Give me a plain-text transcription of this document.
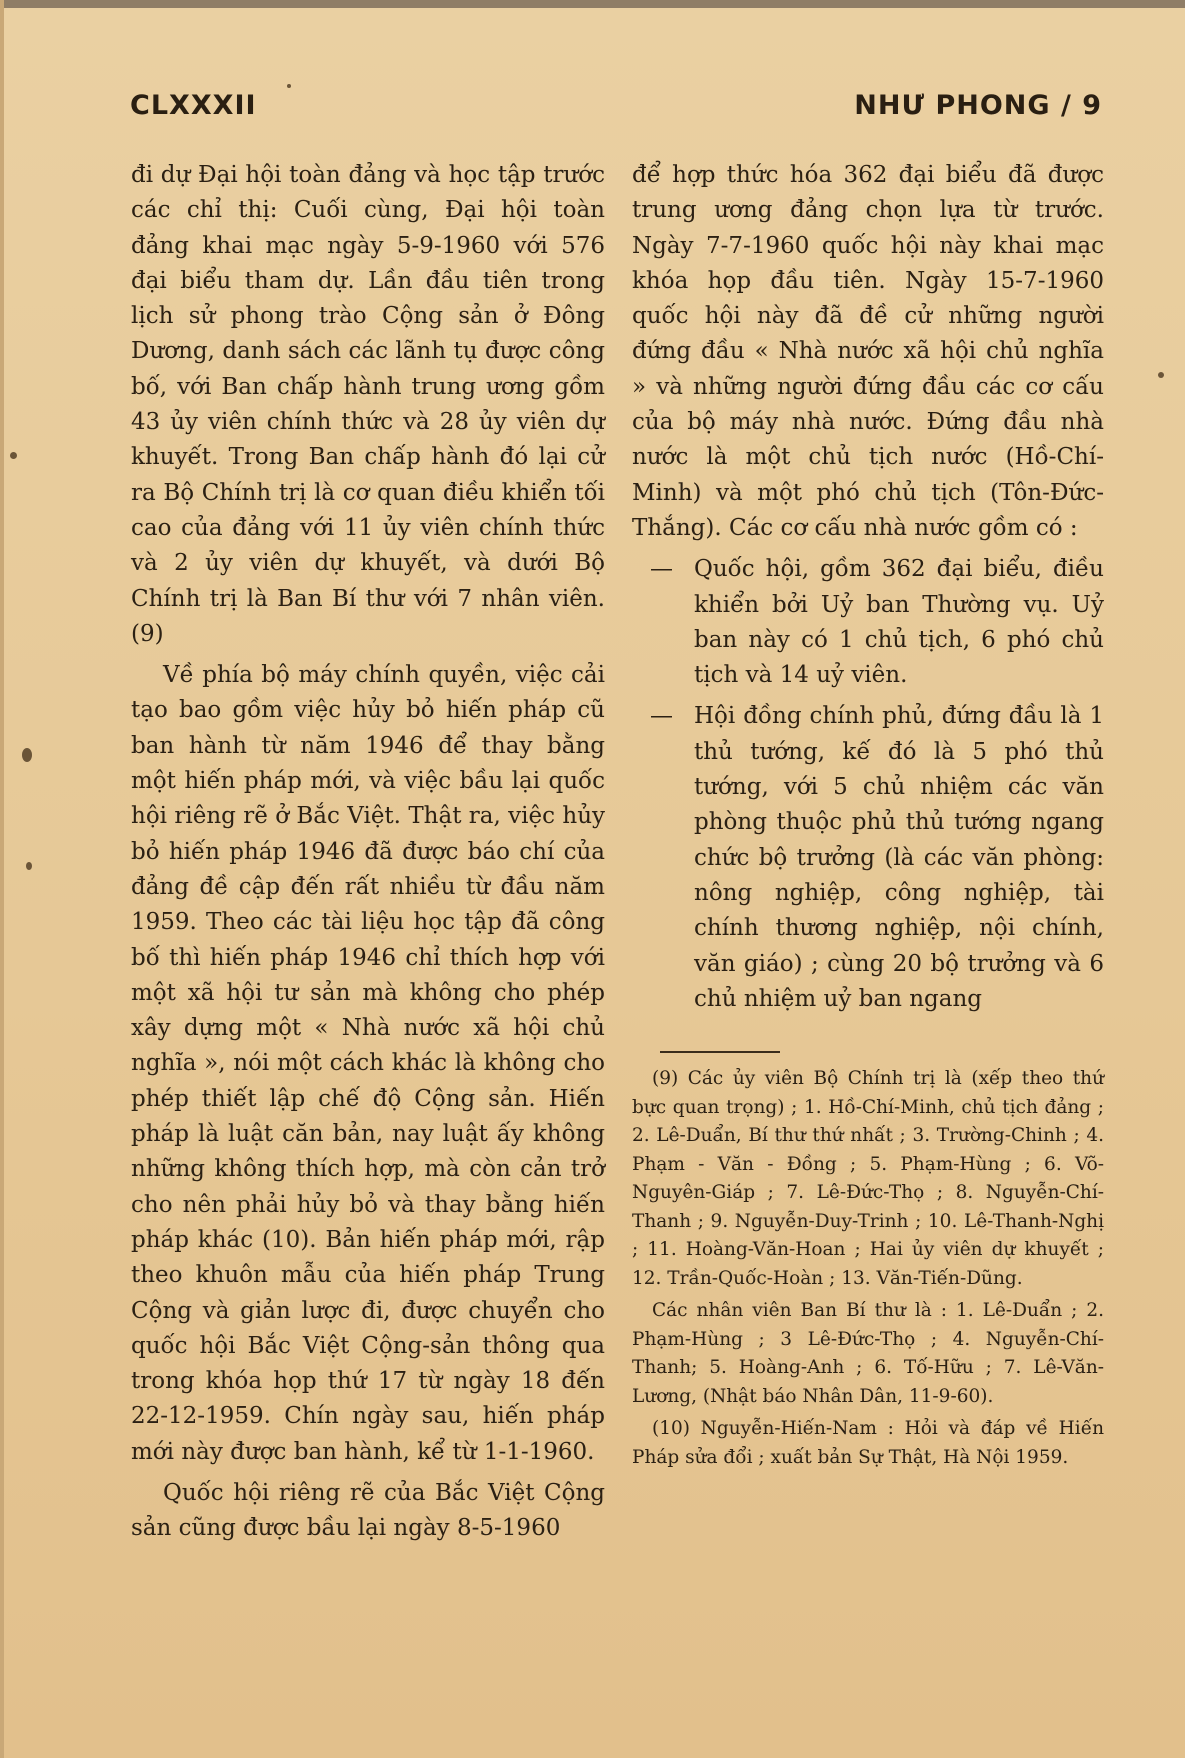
CLXXXII	NHƯ PHONG / 9

đi dự Đại hội toàn đảng và học tập trước các chỉ thị: Cuối cùng, Đại hội toàn đảng khai mạc ngày 5-9-1960 với 576 đại biểu tham dự. Lần đầu tiên trong lịch sử phong trào Cộng sản ở Đông Dương, danh sách các lãnh tụ được công bố, với Ban chấp hành trung ương gồm 43 ủy viên chính thức và 28 ủy viên dự khuyết. Trong Ban chấp hành đó lại cử ra Bộ Chính trị là cơ quan điều khiển tối cao của đảng với 11 ủy viên chính thức và 2 ủy viên dự khuyết, và dưới Bộ Chính trị là Ban Bí thư với 7 nhân viên. (9)

Về phía bộ máy chính quyền, việc cải tạo bao gồm việc hủy bỏ hiến pháp cũ ban hành từ năm 1946 để thay bằng một hiến pháp mới, và việc bầu lại quốc hội riêng rẽ ở Bắc Việt. Thật ra, việc hủy bỏ hiến pháp 1946 đã được báo chí của đảng đề cập đến rất nhiều từ đầu năm 1959. Theo các tài liệu học tập đã công bố thì hiến pháp 1946 chỉ thích hợp với một xã hội tư sản mà không cho phép xây dựng một « Nhà nước xã hội chủ nghĩa », nói một cách khác là không cho phép thiết lập chế độ Cộng sản. Hiến pháp là luật căn bản, nay luật ấy không những không thích hợp, mà còn cản trở cho nên phải hủy bỏ và thay bằng hiến pháp khác (10). Bản hiến pháp mới, rập theo khuôn mẫu của hiến pháp Trung Cộng và giản lược đi, được chuyển cho quốc hội Bắc Việt Cộng-sản thông qua trong khóa họp thứ 17 từ ngày 18 đến 22-12-1959. Chín ngày sau, hiến pháp mới này được ban hành, kể từ 1-1-1960.

Quốc hội riêng rẽ của Bắc Việt Cộng sản cũng được bầu lại ngày 8-5-1960

để hợp thức hóa 362 đại biểu đã được trung ương đảng chọn lựa từ trước. Ngày 7-7-1960 quốc hội này khai mạc khóa họp đầu tiên. Ngày 15-7-1960 quốc hội này đã đề cử những người đứng đầu « Nhà nước xã hội chủ nghĩa » và những người đứng đầu các cơ cấu của bộ máy nhà nước. Đứng đầu nhà nước là một chủ tịch nước (Hồ-Chí-Minh) và một phó chủ tịch (Tôn-Đức-Thắng). Các cơ cấu nhà nước gồm có :

— Quốc hội, gồm 362 đại biểu, điều khiển bởi Uỷ ban Thường vụ. Uỷ ban này có 1 chủ tịch, 6 phó chủ tịch và 14 uỷ viên.

— Hội đồng chính phủ, đứng đầu là 1 thủ tướng, kế đó là 5 phó thủ tướng, với 5 chủ nhiệm các văn phòng thuộc phủ thủ tướng ngang chức bộ trưởng (là các văn phòng: nông nghiệp, công nghiệp, tài chính thương nghiệp, nội chính, văn giáo) ; cùng 20 bộ trưởng và 6 chủ nhiệm uỷ ban ngang

(9) Các ủy viên Bộ Chính trị là (xếp theo thứ bực quan trọng) ; 1. Hồ-Chí-Minh, chủ tịch đảng ; 2. Lê-Duẩn, Bí thư thứ nhất ; 3. Trường-Chinh ; 4. Phạm - Văn - Đồng ; 5. Phạm-Hùng ; 6. Võ-Nguyên-Giáp ; 7. Lê-Đức-Thọ ; 8. Nguyễn-Chí-Thanh ; 9. Nguyễn-Duy-Trinh ; 10. Lê-Thanh-Nghị ; 11. Hoàng-Văn-Hoan ; Hai ủy viên dự khuyết ; 12. Trần-Quốc-Hoàn ; 13. Văn-Tiến-Dũng.

Các nhân viên Ban Bí thư là : 1. Lê-Duẩn ; 2. Phạm-Hùng ; 3 Lê-Đức-Thọ ; 4. Nguyễn-Chí-Thanh; 5. Hoàng-Anh ; 6. Tố-Hữu ; 7. Lê-Văn-Lương, (Nhật báo Nhân Dân, 11-9-60).

(10) Nguyễn-Hiến-Nam : Hỏi và đáp về Hiến Pháp sửa đổi ; xuất bản Sự Thật, Hà Nội 1959.
